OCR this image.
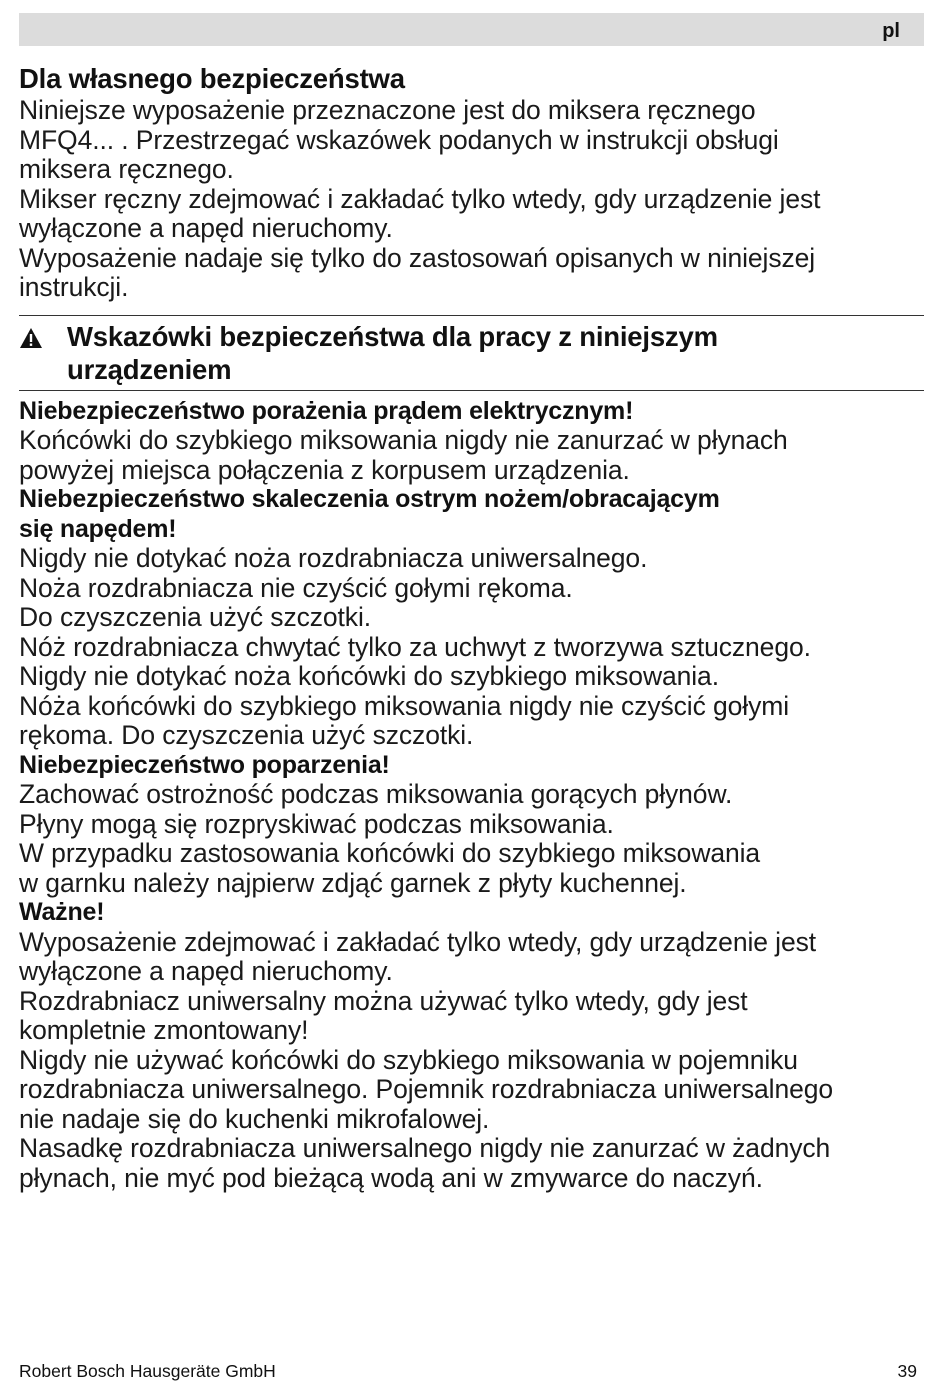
pl
Dla własnego bezpieczeństwa

Niniejsze wyposażenie przeznaczone jest do miksera ręcznego

MFQ4... . Przestrzegać wskazówek podanych w instrukcji obsługi

miksera ręcznego.

Mikser ręczny zdejmować i zakładać tylko wtedy, gdy urządzenie jest

wyłączone a napęd nieruchomy.

Wyposażenie nadaje się tylko do zastosowań opisanych w niniejszej

instrukcji.

Wskazówki bezpieczeństwa dla pracy z niniejszym
urządzeniem

Niebezpieczeństwo porażenia prądem elektrycznym!

Końcówki do szybkiego miksowania nigdy nie zanurzać w płynach

powyżej miejsca połączenia z korpusem urządzenia.

Niebezpieczeństwo skaleczenia ostrym nożem/obracającym

się napędem!

Nigdy nie dotykać noża rozdrabniacza uniwersalnego.

Noża rozdrabniacza nie czyścić gołymi rękoma.

Do czyszczenia użyć szczotki.

Nóż rozdrabniacza chwytać tylko za uchwyt z tworzywa sztucznego.

Nigdy nie dotykać noża końcówki do szybkiego miksowania.

Nóża końcówki do szybkiego miksowania nigdy nie czyścić gołymi

rękoma. Do czyszczenia użyć szczotki.

Niebezpieczeństwo poparzenia!

Zachować ostrożność podczas miksowania gorących płynów.

Płyny mogą się rozpryskiwać podczas miksowania.

W przypadku zastosowania końcówki do szybkiego miksowania

w garnku należy najpierw zdjąć garnek z płyty kuchennej.

Ważne!

Wyposażenie zdejmować i zakładać tylko wtedy, gdy urządzenie jest

wyłączone a napęd nieruchomy.

Rozdrabniacz uniwersalny można używać tylko wtedy, gdy jest

kompletnie zmontowany!

Nigdy nie używać końcówki do szybkiego miksowania w pojemniku

rozdrabniacza uniwersalnego. Pojemnik rozdrabniacza uniwersalnego

nie nadaje się do kuchenki mikrofalowej.

Nasadkę rozdrabniacza uniwersalnego nigdy nie zanurzać w żadnych

płynach, nie myć pod bieżącą wodą ani w zmywarce do naczyń.

Robert Bosch Hausgeräte GmbH	39
